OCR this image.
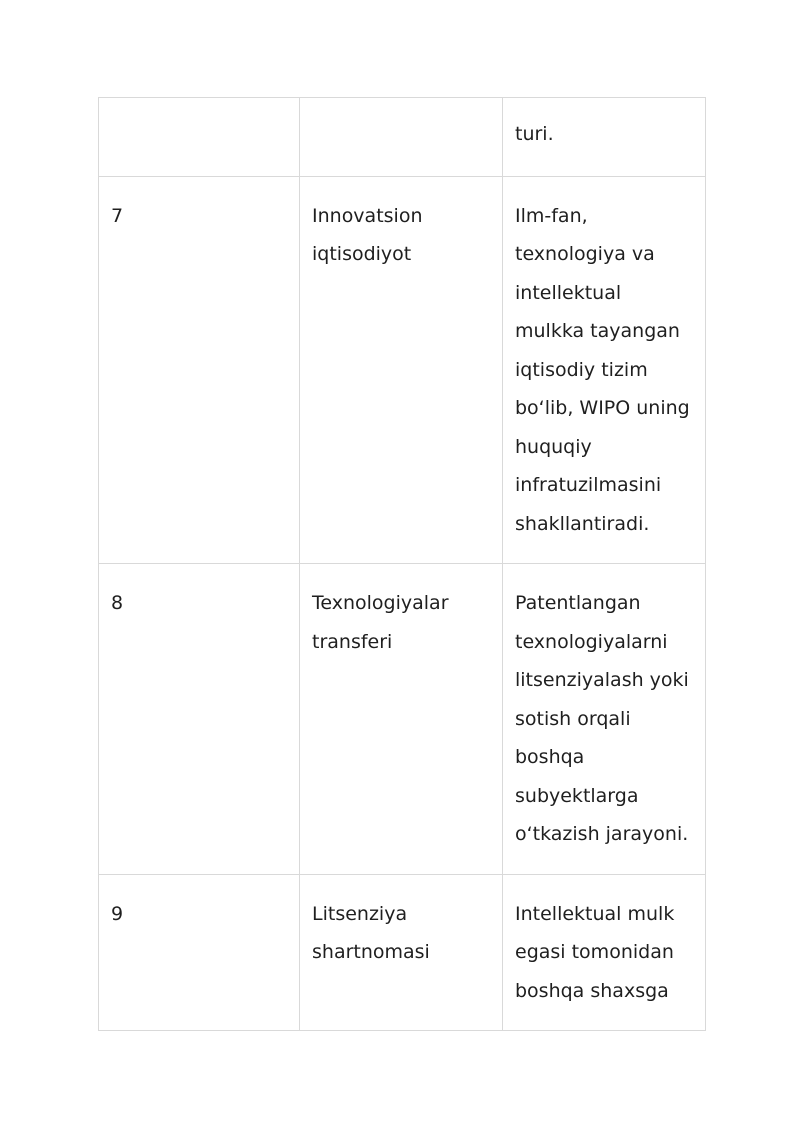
		turi.

7	Innovatsion iqtisodiyot	Ilm-fan, texnologiya va intellektual mulkka tayangan iqtisodiy tizim bo‘lib, WIPO uning huquqiy infratuzilmasini shakllantiradi.

8	Texnologiyalar transferi	Patentlangan texnologiyalarni litsenziyalash yoki sotish orqali boshqa subyektlarga o‘tkazish jarayoni.

9	Litsenziya shartnomasi	Intellektual mulk egasi tomonidan boshqa shaxsga
